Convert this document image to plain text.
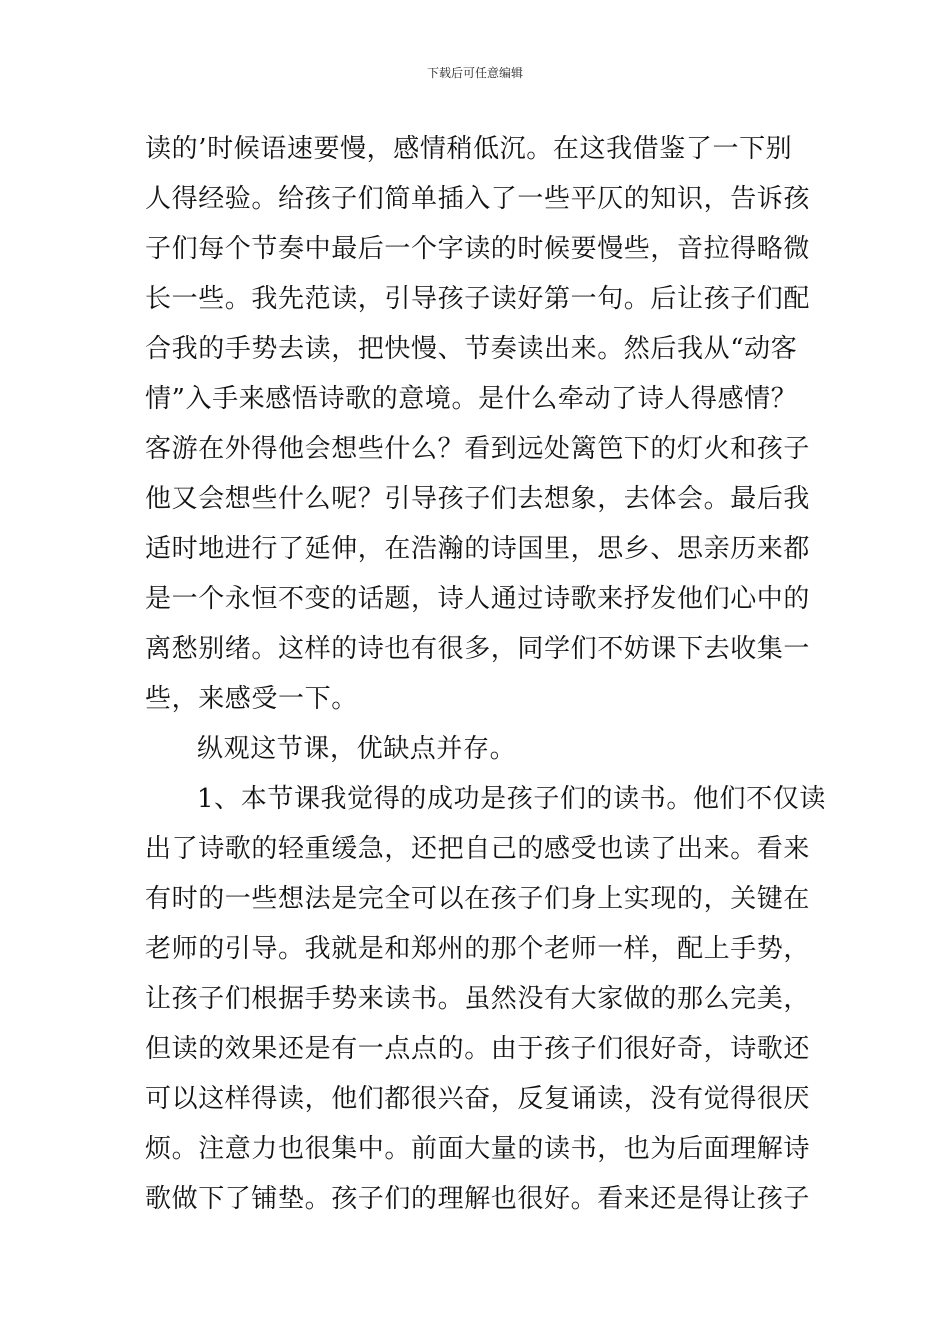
下载后可任意编辑
读的’时候语速要慢，感情稍低沉。在这我借鉴了一下别
人得经验。给孩子们简单插入了一些平仄的知识，告诉孩
子们每个节奏中最后一个字读的时候要慢些，音拉得略微
长一些。我先范读，引导孩子读好第一句。后让孩子们配
合我的手势去读，把快慢、节奏读出来。然后我从“动客
情”入手来感悟诗歌的意境。是什么牵动了诗人得感情？
客游在外得他会想些什么？看到远处篱笆下的灯火和孩子
他又会想些什么呢？引导孩子们去想象，去体会。最后我
适时地进行了延伸，在浩瀚的诗国里，思乡、思亲历来都
是一个永恒不变的话题，诗人通过诗歌来抒发他们心中的
离愁别绪。这样的诗也有很多，同学们不妨课下去收集一
些，来感受一下。
纵观这节课，优缺点并存。
1、本节课我觉得的成功是孩子们的读书。他们不仅读
出了诗歌的轻重缓急，还把自己的感受也读了出来。看来
有时的一些想法是完全可以在孩子们身上实现的，关键在
老师的引导。我就是和郑州的那个老师一样，配上手势，
让孩子们根据手势来读书。虽然没有大家做的那么完美，
但读的效果还是有一点点的。由于孩子们很好奇，诗歌还
可以这样得读，他们都很兴奋，反复诵读，没有觉得很厌
烦。注意力也很集中。前面大量的读书，也为后面理解诗
歌做下了铺垫。孩子们的理解也很好。看来还是得让孩子
